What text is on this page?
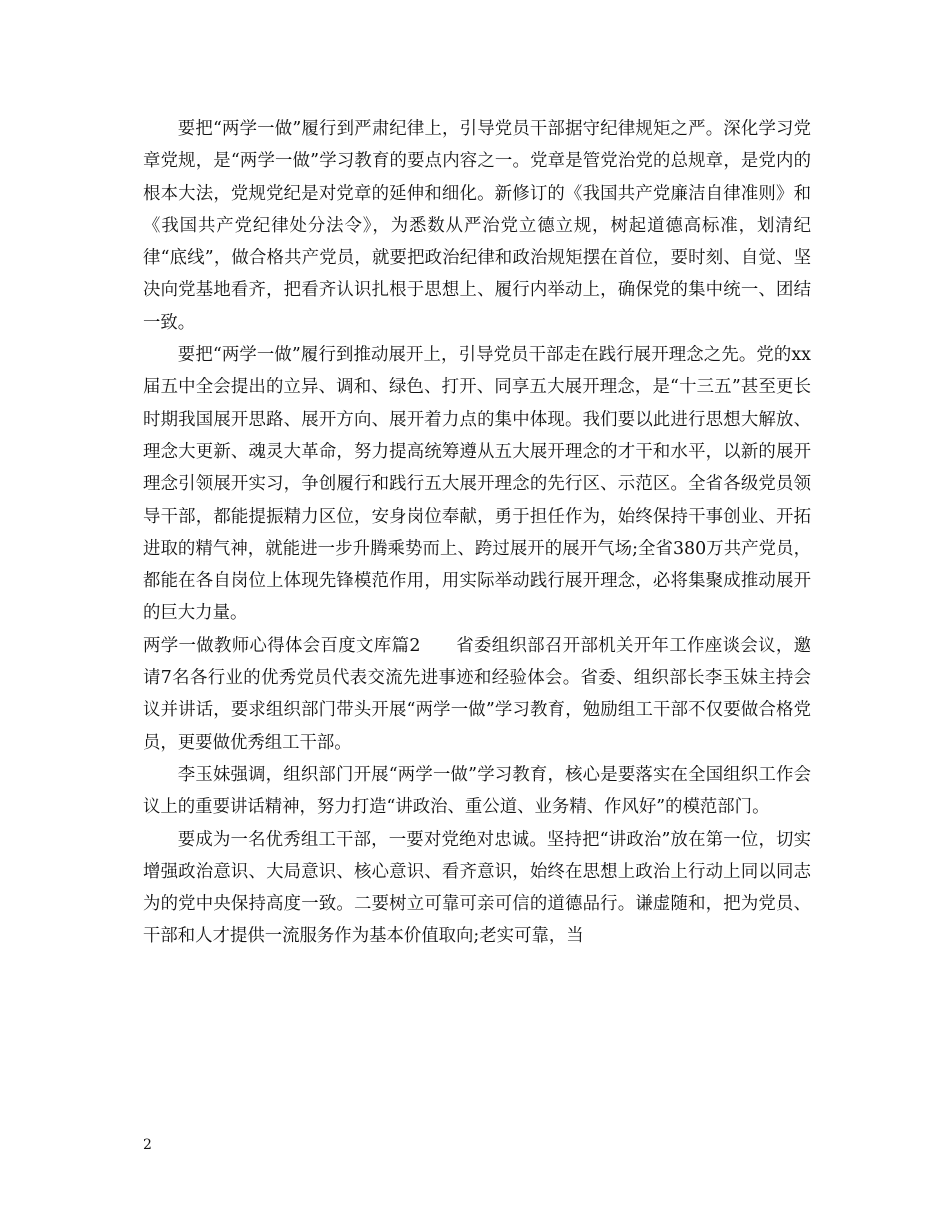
要把“两学一做”履行到严肃纪律上，引导党员干部据守纪律规矩之严。深化学习党章党规，是“两学一做”学习教育的要点内容之一。党章是管党治党的总规章，是党内的根本大法，党规党纪是对党章的延伸和细化。新修订的《我国共产党廉洁自律准则》和《我国共产党纪律处分法令》，为悉数从严治党立德立规，树起道德高标准，划清纪律“底线”，做合格共产党员，就要把政治纪律和政治规矩摆在首位，要时刻、自觉、坚决向党基地看齐，把看齐认识扎根于思想上、履行内举动上，确保党的集中统一、团结一致。

要把“两学一做”履行到推动展开上，引导党员干部走在践行展开理念之先。党的xx届五中全会提出的立异、调和、绿色、打开、同享五大展开理念，是“十三五”甚至更长时期我国展开思路、展开方向、展开着力点的集中体现。我们要以此进行思想大解放、理念大更新、魂灵大革命，努力提高统筹遵从五大展开理念的才干和水平，以新的展开理念引领展开实习，争创履行和践行五大展开理念的先行区、示范区。全省各级党员领导干部，都能提振精力区位，安身岗位奉献，勇于担任作为，始终保持干事创业、开拓进取的精气神，就能进一步升腾乘势而上、跨过展开的展开气场;全省380万共产党员，都能在各自岗位上体现先锋模范作用，用实际举动践行展开理念，必将集聚成推动展开的巨大力量。

两学一做教师心得体会百度文库篇2　　省委组织部召开部机关开年工作座谈会议，邀请7名各行业的优秀党员代表交流先进事迹和经验体会。省委、组织部长李玉妹主持会议并讲话，要求组织部门带头开展“两学一做”学习教育，勉励组工干部不仅要做合格党员，更要做优秀组工干部。

李玉妹强调，组织部门开展“两学一做”学习教育，核心是要落实在全国组织工作会议上的重要讲话精神，努力打造“讲政治、重公道、业务精、作风好”的模范部门。

要成为一名优秀组工干部，一要对党绝对忠诚。坚持把“讲政治”放在第一位，切实增强政治意识、大局意识、核心意识、看齐意识，始终在思想上政治上行动上同以同志为的党中央保持高度一致。二要树立可靠可亲可信的道德品行。谦虚随和，把为党员、干部和人才提供一流服务作为基本价值取向;老实可靠，当

2
